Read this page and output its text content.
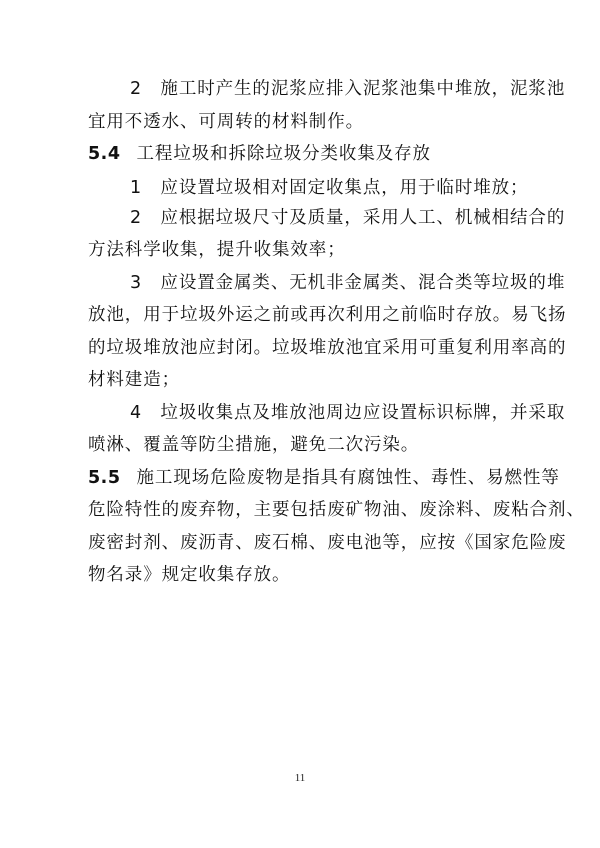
2　施工时产生的泥浆应排入泥浆池集中堆放，泥浆池
宜用不透水、可周转的材料制作。
5.4 工程垃圾和拆除垃圾分类收集及存放
1　应设置垃圾相对固定收集点，用于临时堆放；
2　应根据垃圾尺寸及质量，采用人工、机械相结合的
方法科学收集，提升收集效率；
3　应设置金属类、无机非金属类、混合类等垃圾的堆
放池，用于垃圾外运之前或再次利用之前临时存放。易飞扬
的垃圾堆放池应封闭。垃圾堆放池宜采用可重复利用率高的
材料建造；
4　垃圾收集点及堆放池周边应设置标识标牌，并采取
喷淋、覆盖等防尘措施，避免二次污染。
5.5 施工现场危险废物是指具有腐蚀性、毒性、易燃性等
危险特性的废弃物，主要包括废矿物油、废涂料、废粘合剂、
废密封剂、废沥青、废石棉、废电池等，应按《国家危险废
物名录》规定收集存放。
11
